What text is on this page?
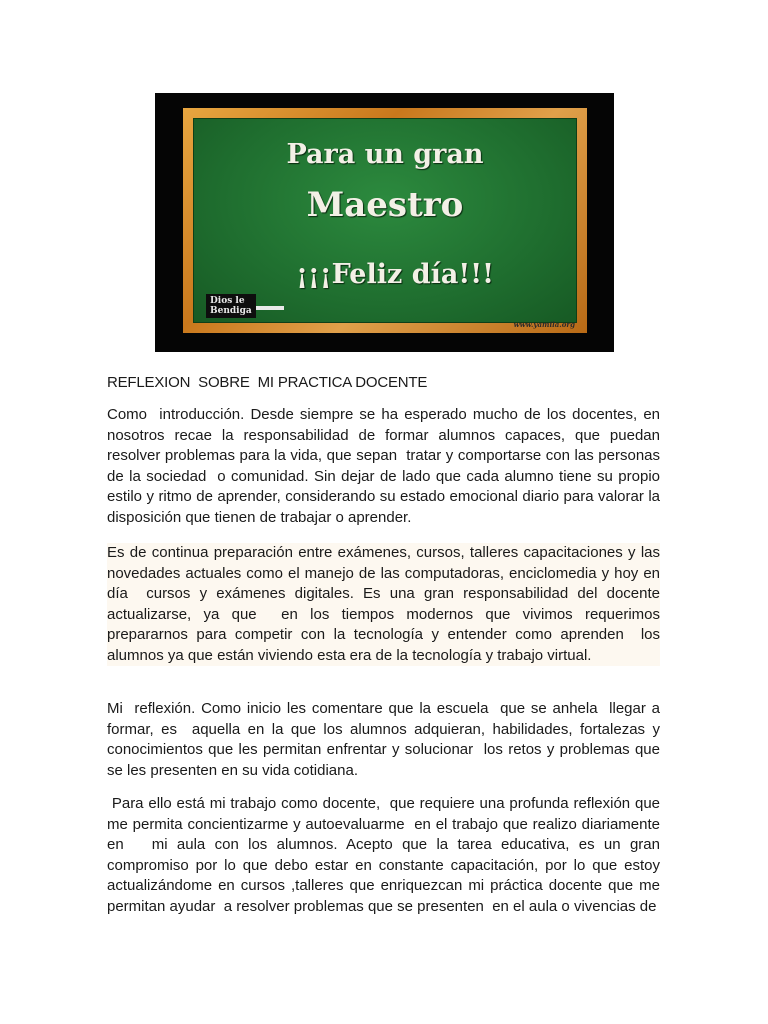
Para un gran
Maestro
¡¡¡Feliz día!!!
Dios le
Bendiga
www.yamila.org
REFLEXION  SOBRE  MI PRACTICA DOCENTE

Como  introducción. Desde siempre se ha esperado mucho de los docentes, en nosotros recae la responsabilidad de formar alumnos capaces, que puedan resolver problemas para la vida, que sepan  tratar y comportarse con las personas de la sociedad  o comunidad. Sin dejar de lado que cada alumno tiene su propio estilo y ritmo de aprender, considerando su estado emocional diario para valorar la disposición que tienen de trabajar o aprender.

Es de continua preparación entre exámenes, cursos, talleres capacitaciones y las novedades actuales como el manejo de las computadoras, enciclomedia y hoy en día  cursos y exámenes digitales. Es una gran responsabilidad del docente actualizarse, ya que  en los tiempos modernos que vivimos requerimos prepararnos para competir con la tecnología y entender como aprenden  los alumnos ya que están viviendo esta era de la tecnología y trabajo virtual.

Mi  reflexión. Como inicio les comentare que la escuela  que se anhela  llegar a formar, es  aquella en la que los alumnos adquieran, habilidades, fortalezas y conocimientos que les permitan enfrentar y solucionar  los retos y problemas que se les presenten en su vida cotidiana.

Para ello está mi trabajo como docente,  que requiere una profunda reflexión que me permita concientizarme y autoevaluarme  en el trabajo que realizo diariamente en   mi aula con los alumnos. Acepto que la tarea educativa, es un gran compromiso por lo que debo estar en constante capacitación, por lo que estoy actualizándome en cursos ,talleres que enriquezcan mi práctica docente que me permitan ayudar  a resolver problemas que se presenten  en el aula o vivencias de
